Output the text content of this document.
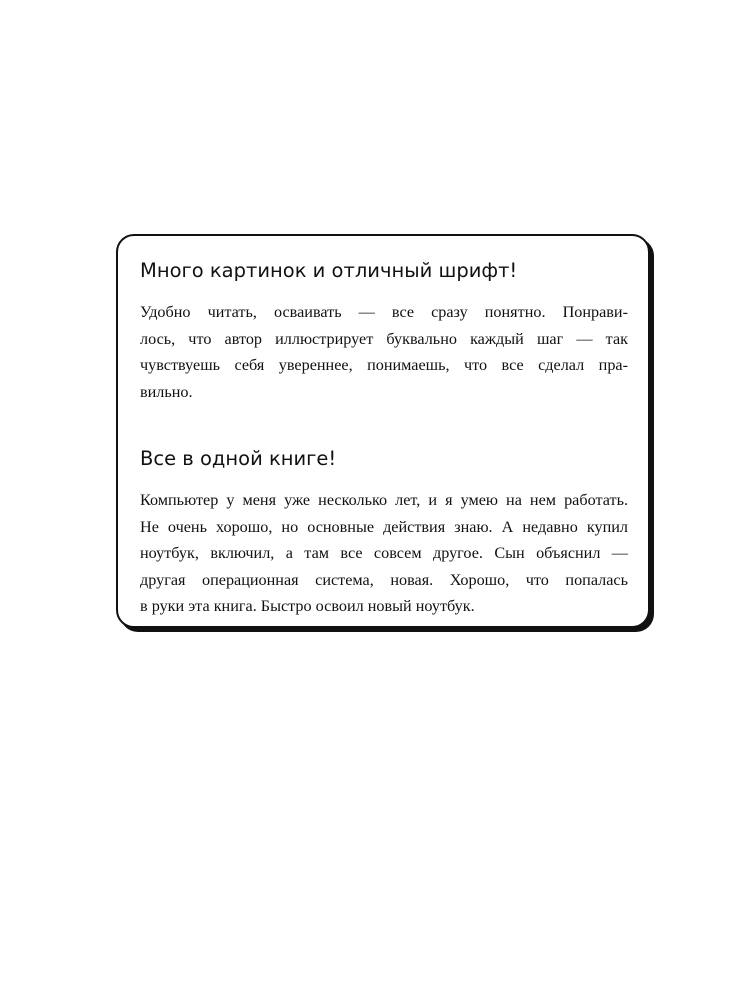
Много картинок и отличный шрифт!

Удобно читать, осваивать — все сразу понятно. Понрави-
лось, что автор иллюстрирует буквально каждый шаг — так
чувствуешь себя увереннее, понимаешь, что все сделал пра-
вильно.

Все в одной книге!

Компьютер у меня уже несколько лет, и я умею на нем работать.
Не очень хорошо, но основные действия знаю. А недавно купил
ноутбук, включил, а там все совсем другое. Сын объяснил —
другая операционная система, новая. Хорошо, что попалась
в руки эта книга. Быстро освоил новый ноутбук.
